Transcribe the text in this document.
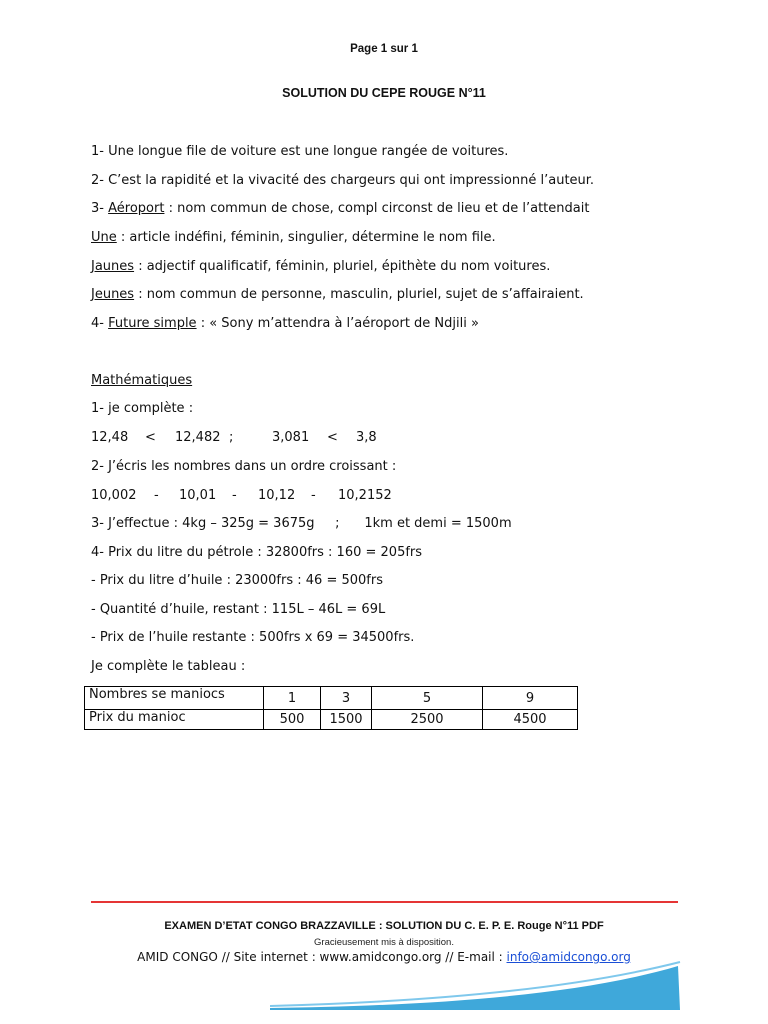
Page 1 sur 1
SOLUTION DU CEPE ROUGE N°11
1- Une longue file de voiture est une longue rangée de voitures.
2- C’est la rapidité et la vivacité des chargeurs qui ont impressionné l’auteur.
3- Aéroport : nom commun de chose, compl circonst de lieu et de l’attendait
Une : article indéfini, féminin, singulier, détermine le nom file.
Jaunes : adjectif qualificatif, féminin, pluriel, épithète du nom voitures.
Jeunes : nom commun de personne, masculin, pluriel, sujet de s’affairaient.
4- Future simple : « Sony m’attendra à l’aéroport de Ndjili »
Mathématiques
1- je complète :
12,48 < 12,482 ;	3,081 < 3,8
2- J’écris les nombres dans un ordre croissant :
10,002 - 10,01 - 10,12 - 10,2152
3- J’effectue : 4kg – 325g = 3675g     ;      1km et demi = 1500m
4- Prix du litre du pétrole : 32800frs : 160 = 205frs
- Prix du litre d’huile : 23000frs : 46 = 500frs
- Quantité d’huile, restant : 115L – 46L = 69L
- Prix de l’huile restante : 500frs x 69 = 34500frs.
Je complète le tableau :
Nombres se maniocs	1	3	5	9
Prix du manioc	500	1500	2500	4500
EXAMEN D’ETAT CONGO BRAZZAVILLE : SOLUTION DU C. E. P. E. Rouge N°11 PDF
Gracieusement mis à disposition.
AMID CONGO // Site internet : www.amidcongo.org // E-mail : info@amidcongo.org
